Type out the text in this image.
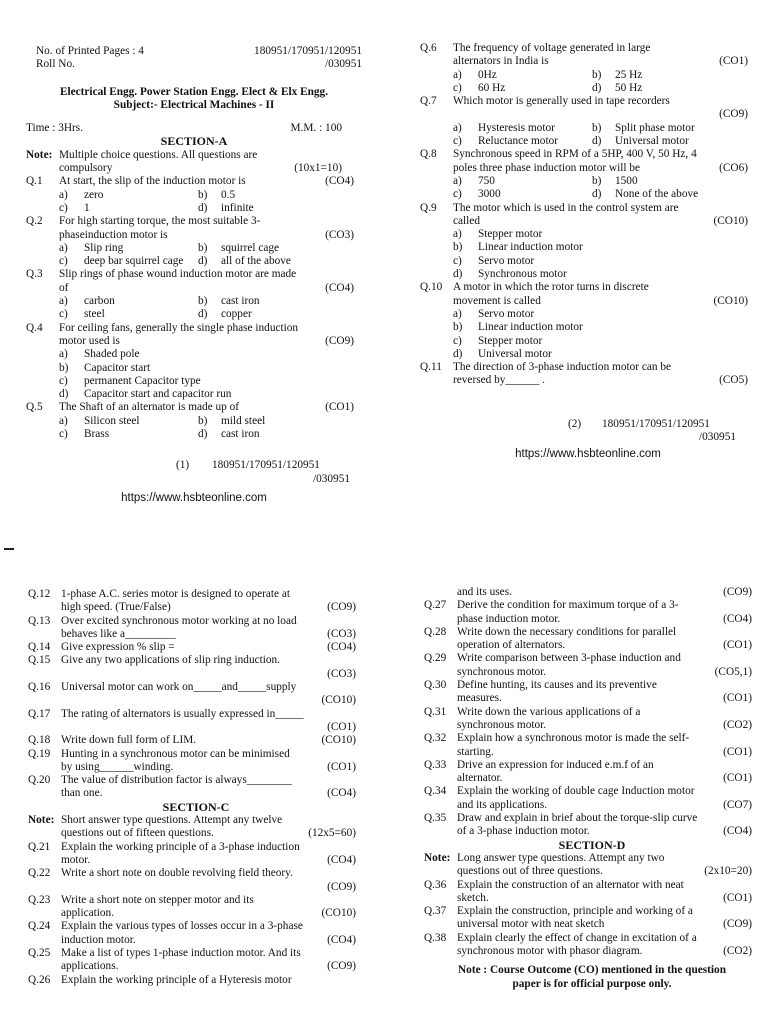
No. of Printed Pages : 4	180951/170951/120951
Roll No.	/030951
Electrical Engg. Power Station Engg. Elect & Elx Engg.
Subject:- Electrical Machines - II
Time : 3Hrs.	M.M. : 100
SECTION-A
Note: Multiple choice questions. All questions are
compulsory	(10x1=10)
Q.1 At start, the slip of the induction motor is	(CO4)
a) zero	b) 0.5
c) 1	d) infinite
Q.2 For high starting torque, the most suitable 3-
phaseinduction motor is	(CO3)
a) Slip ring	b) squirrel cage
c) deep bar squirrel cage d) all of the above
Q.3 Slip rings of phase wound induction motor are made
of	(CO4)
a) carbon	b) cast iron
c) steel	d) copper
Q.4 For ceiling fans, generally the single phase induction
motor used is	(CO9)
a) Shaded pole
b) Capacitor start
c) permanent Capacitor type
d) Capacitor start and capacitor run
Q.5 The Shaft of an alternator is made up of	(CO1)
a) Silicon steel	b) mild steel
c) Brass	d) cast iron
(1) 180951/170951/120951
/030951
https://www.hsbteonline.com
Q.6 The frequency of voltage generated in large
alternators in India is	(CO1)
a) 0Hz	b) 25 Hz
c) 60 Hz	d) 50 Hz
Q.7 Which motor is generally used in tape recorders
(CO9)
a) Hysteresis motor	b) Split phase motor
c) Reluctance motor	d) Universal motor
Q.8 Synchronous speed in RPM of a 5HP, 400 V, 50 Hz, 4
poles three phase induction motor will be	(CO6)
a) 750	b) 1500
c) 3000	d) None of the above
Q.9 The motor which is used in the control system are
called	(CO10)
a) Stepper motor
b) Linear induction motor
c) Servo motor
d) Synchronous motor
Q.10 A motor in which the rotor turns in discrete
movement is called	(CO10)
a) Servo motor
b) Linear induction motor
c) Stepper motor
d) Universal motor
Q.11 The direction of 3-phase induction motor can be
reversed by______ .	(CO5)
(2) 180951/170951/120951
/030951
https://www.hsbteonline.com
Q.12 1-phase A.C. series motor is designed to operate at
high speed. (True/False)	(CO9)
Q.13 Over excited synchronous motor working at no load
behaves like a_________	(CO3)
Q.14 Give expression % slip =	(CO4)
Q.15 Give any two applications of slip ring induction.
(CO3)
Q.16 Universal motor can work on_____and_____supply
(CO10)
Q.17 The rating of alternators is usually expressed in_____
(CO1)
Q.18 Write down full form of LIM.	(CO10)
Q.19 Hunting in a synchronous motor can be minimised
by using______winding.	(CO1)
Q.20 The value of distribution factor is always________
than one.	(CO4)
SECTION-C
Note: Short answer type questions. Attempt any twelve
questions out of fifteen questions.	(12x5=60)
Q.21 Explain the working principle of a 3-phase induction
motor.	(CO4)
Q.22 Write a short note on double revolving field theory.
(CO9)
Q.23 Write a short note on stepper motor and its
application.	(CO10)
Q.24 Explain the various types of losses occur in a 3-phase
induction motor.	(CO4)
Q.25 Make a list of types 1-phase induction motor. And its
applications.	(CO9)
Q.26 Explain the working principle of a Hyteresis motor
and its uses.	(CO9)
Q.27 Derive the condition for maximum torque of a 3-
phase induction motor.	(CO4)
Q.28 Write down the necessary conditions for parallel
operation of alternators.	(CO1)
Q.29 Write comparison between 3-phase induction and
synchronous motor.	(CO5,1)
Q.30 Define hunting, its causes and its preventive
measures.	(CO1)
Q.31 Write down the various applications of a
synchronous motor.	(CO2)
Q.32 Explain how a synchronous motor is made the self-
starting.	(CO1)
Q.33 Drive an expression for induced e.m.f of an
alternator.	(CO1)
Q.34 Explain the working of double cage Induction motor
and its applications.	(CO7)
Q.35 Draw and explain in brief about the torque-slip curve
of a 3-phase induction motor.	(CO4)
SECTION-D
Note: Long answer type questions. Attempt any two
questions out of three questions.	(2x10=20)
Q.36 Explain the construction of an alternator with neat
sketch.	(CO1)
Q.37 Explain the construction, principle and working of a
universal motor with neat sketch	(CO9)
Q.38 Explain clearly the effect of change in excitation of a
synchronous motor with phasor diagram.	(CO2)
Note : Course Outcome (CO) mentioned in the question
paper is for official purpose only.
